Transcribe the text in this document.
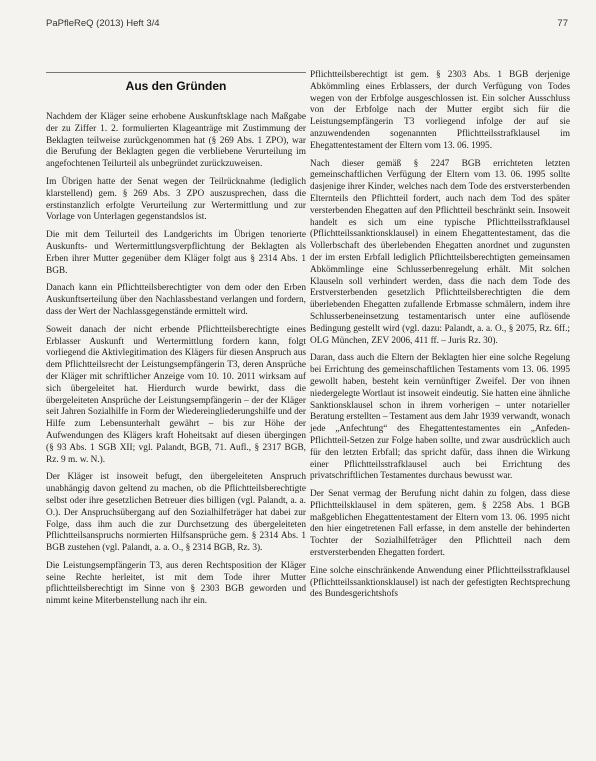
PaPfleReQ (2013) Heft 3/4	77
Aus den Gründen

Nachdem der Kläger seine erhobene Auskunftsklage nach Maßgabe der zu Ziffer 1. 2. formulierten Klageanträge mit Zustimmung der Beklagten teilweise zurückgenommen hat (§ 269 Abs. 1 ZPO), war die Berufung der Beklagten gegen die verbliebene Verurteilung im angefochtenen Teilurteil als unbegründet zurückzuweisen.

Im Übrigen hatte der Senat wegen der Teilrücknahme (lediglich klarstellend) gem. § 269 Abs. 3 ZPO auszusprechen, dass die erstinstanzlich erfolgte Verurteilung zur Wertermittlung und zur Vorlage von Unterlagen gegenstandslos ist.

Die mit dem Teilurteil des Landgerichts im Übrigen tenorierte Auskunfts- und Wertermittlungsverpflichtung der Beklagten als Erben ihrer Mutter gegenüber dem Kläger folgt aus § 2314 Abs. 1 BGB.

Danach kann ein Pflichtteilsberechtigter von dem oder den Erben Auskunftserteilung über den Nachlassbestand verlangen und fordern, dass der Wert der Nachlassgegenstände ermittelt wird.

Soweit danach der nicht erbende Pflichtteilsberechtigte eines Erblasser Auskunft und Wertermittlung fordern kann, folgt vorliegend die Aktivlegitimation des Klägers für diesen Anspruch aus dem Pflichtteilsrecht der Leistungsempfängerin T3, deren Ansprüche der Kläger mit schriftlicher Anzeige vom 10. 10. 2011 wirksam auf sich übergeleitet hat. Hierdurch wurde bewirkt, dass die übergeleiteten Ansprüche der Leistungsempfängerin – der der Kläger seit Jahren Sozialhilfe in Form der Wiedereingliederungshilfe und der Hilfe zum Lebensunterhalt gewährt – bis zur Höhe der Aufwendungen des Klägers kraft Hoheitsakt auf diesen übergingen (§ 93 Abs. 1 SGB XII; vgl. Palandt, BGB, 71. Aufl., § 2317 BGB, Rz. 9 m. w. N.).

Der Kläger ist insoweit befugt, den übergeleiteten Anspruch unabhängig davon geltend zu machen, ob die Pflichtteilsberechtigte selbst oder ihre gesetzlichen Betreuer dies billigen (vgl. Palandt, a. a. O.). Der Anspruchsübergang auf den Sozialhilfeträger hat dabei zur Folge, dass ihm auch die zur Durchsetzung des übergeleiteten Pflichtteilsanspruchs normierten Hilfsansprüche gem. § 2314 Abs. 1 BGB zustehen (vgl. Palandt, a. a. O., § 2314 BGB, Rz. 3).

Die Leistungsempfängerin T3, aus deren Rechtsposition der Kläger seine Rechte herleitet, ist mit dem Tode ihrer Mutter pflichtteilsberechtigt im Sinne von § 2303 BGB geworden und nimmt keine Miterbenstellung nach ihr ein.

Pflichtteilsberechtigt ist gem. § 2303 Abs. 1 BGB derjenige Abkömmling eines Erblassers, der durch Verfügung von Todes wegen von der Erbfolge ausgeschlossen ist. Ein solcher Ausschluss von der Erbfolge nach der Mutter ergibt sich für die Leistungsempfängerin T3 vorliegend infolge der auf sie anzuwendenden sogenannten Pflichtteilsstrafklausel im Ehegattentestament der Eltern vom 13. 06. 1995.

Nach dieser gemäß § 2247 BGB errichteten letzten gemeinschaftlichen Verfügung der Eltern vom 13. 06. 1995 sollte dasjenige ihrer Kinder, welches nach dem Tode des erstversterbenden Elternteils den Pflichtteil fordert, auch nach dem Tod des später versterbenden Ehegatten auf den Pflichtteil beschränkt sein. Insoweit handelt es sich um eine typische Pflichtteilsstrafklausel (Pflichtteilssanktionsklausel) in einem Ehegattentestament, das die Vollerbschaft des überlebenden Ehegatten anordnet und zugunsten der im ersten Erbfall lediglich Pflichtteilsberechtigten gemeinsamen Abkömmlinge eine Schlusserbenregelung erhält. Mit solchen Klauseln soll verhindert werden, dass die nach dem Tode des Erstversterbenden gesetzlich Pflichtteilsberechtigten die dem überlebenden Ehegatten zufallende Erbmasse schmälern, indem ihre Schlusserbeneinsetzung testamentarisch unter eine auflösende Bedingung gestellt wird (vgl. dazu: Palandt, a. a. O., § 2075, Rz. 6ff.; OLG München, ZEV 2006, 411 ff. – Juris Rz. 30).

Daran, dass auch die Eltern der Beklagten hier eine solche Regelung bei Errichtung des gemeinschaftlichen Testaments vom 13. 06. 1995 gewollt haben, besteht kein vernünftiger Zweifel. Der von ihnen niedergelegte Wortlaut ist insoweit eindeutig. Sie hatten eine ähnliche Sanktionsklausel schon in ihrem vorherigen – unter notarieller Beratung erstellten – Testament aus dem Jahr 1939 verwandt, wonach jede „Anfechtung“ des Ehegattentestamentes ein „Anfeden-Pflichtteil-Setzen zur Folge haben sollte, und zwar ausdrücklich auch für den letzten Erbfall; das spricht dafür, dass ihnen die Wirkung einer Pflichtteilsstrafklausel auch bei Errichtung des privatschriftlichen Testamentes durchaus bewusst war.

Der Senat vermag der Berufung nicht dahin zu folgen, dass diese Pflichtteilsklausel in dem späteren, gem. § 2258 Abs. 1 BGB maßgeblichen Ehegattentestament der Eltern vom 13. 06. 1995 nicht den hier eingetretenen Fall erfasse, in dem anstelle der behinderten Tochter der Sozialhilfeträger den Pflichtteil nach dem erstversterbenden Ehegatten fordert.

Eine solche einschränkende Anwendung einer Pflichtteilsstrafklausel (Pflichtteilssanktionsklausel) ist nach der gefestigten Rechtsprechung des Bundesgerichtshofs
